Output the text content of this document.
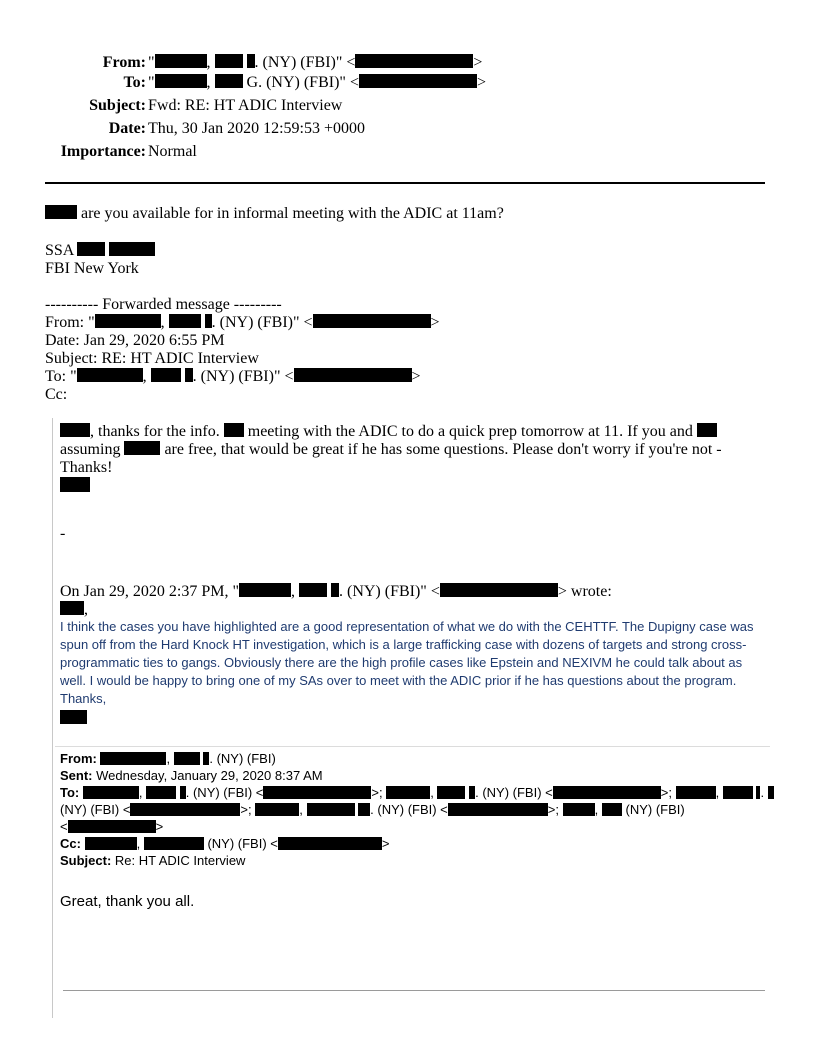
From: "	,	. (NY) (FBI)" <	>
To: "	, G. (NY) (FBI)" <	>
Subject: Fwd: RE: HT ADIC Interview
Date: Thu, 30 Jan 2020 12:59:53 +0000
Importance: Normal
are you available for in informal meeting with the ADIC at 11am?
SSA
FBI New York
---------- Forwarded message ---------
From: "	,	. (NY) (FBI)" <	>
Date: Jan 29, 2020 6:55 PM
Subject: RE: HT ADIC Interview
To: "	,	. (NY) (FBI)" <	>
Cc:
, thanks for the info. meeting with the ADIC to do a quick prep tomorrow at 11. If you and
assuming	are free, that would be great if he has some questions. Please don't worry if you're not -
Thanks!
-
On Jan 29, 2020 2:37 PM, "	,	. (NY) (FBI)" <	> wrote:
,
I think the cases you have highlighted are a good representation of what we do with the CEHTTF. The Dupigny case was
spun off from the Hard Knock HT investigation, which is a large trafficking case with dozens of targets and strong cross-
programmatic ties to gangs. Obviously there are the high profile cases like Epstein and NEXIVM he could talk about as
well. I would be happy to bring one of my SAs over to meet with the ADIC prior if he has questions about the program.
Thanks,
From:	,	. (NY) (FBI)
Sent: Wednesday, January 29, 2020 8:37 AM
To:	,	. (NY) (FBI) <	>;	,	. (NY) (FBI) <	>;	,	.
(NY) (FBI) <	>;	,	. (NY) (FBI) <	>;	, (NY) (FBI)
<	>
Cc:	,	(NY) (FBI) <	>
Subject: Re: HT ADIC Interview
Great, thank you all.
